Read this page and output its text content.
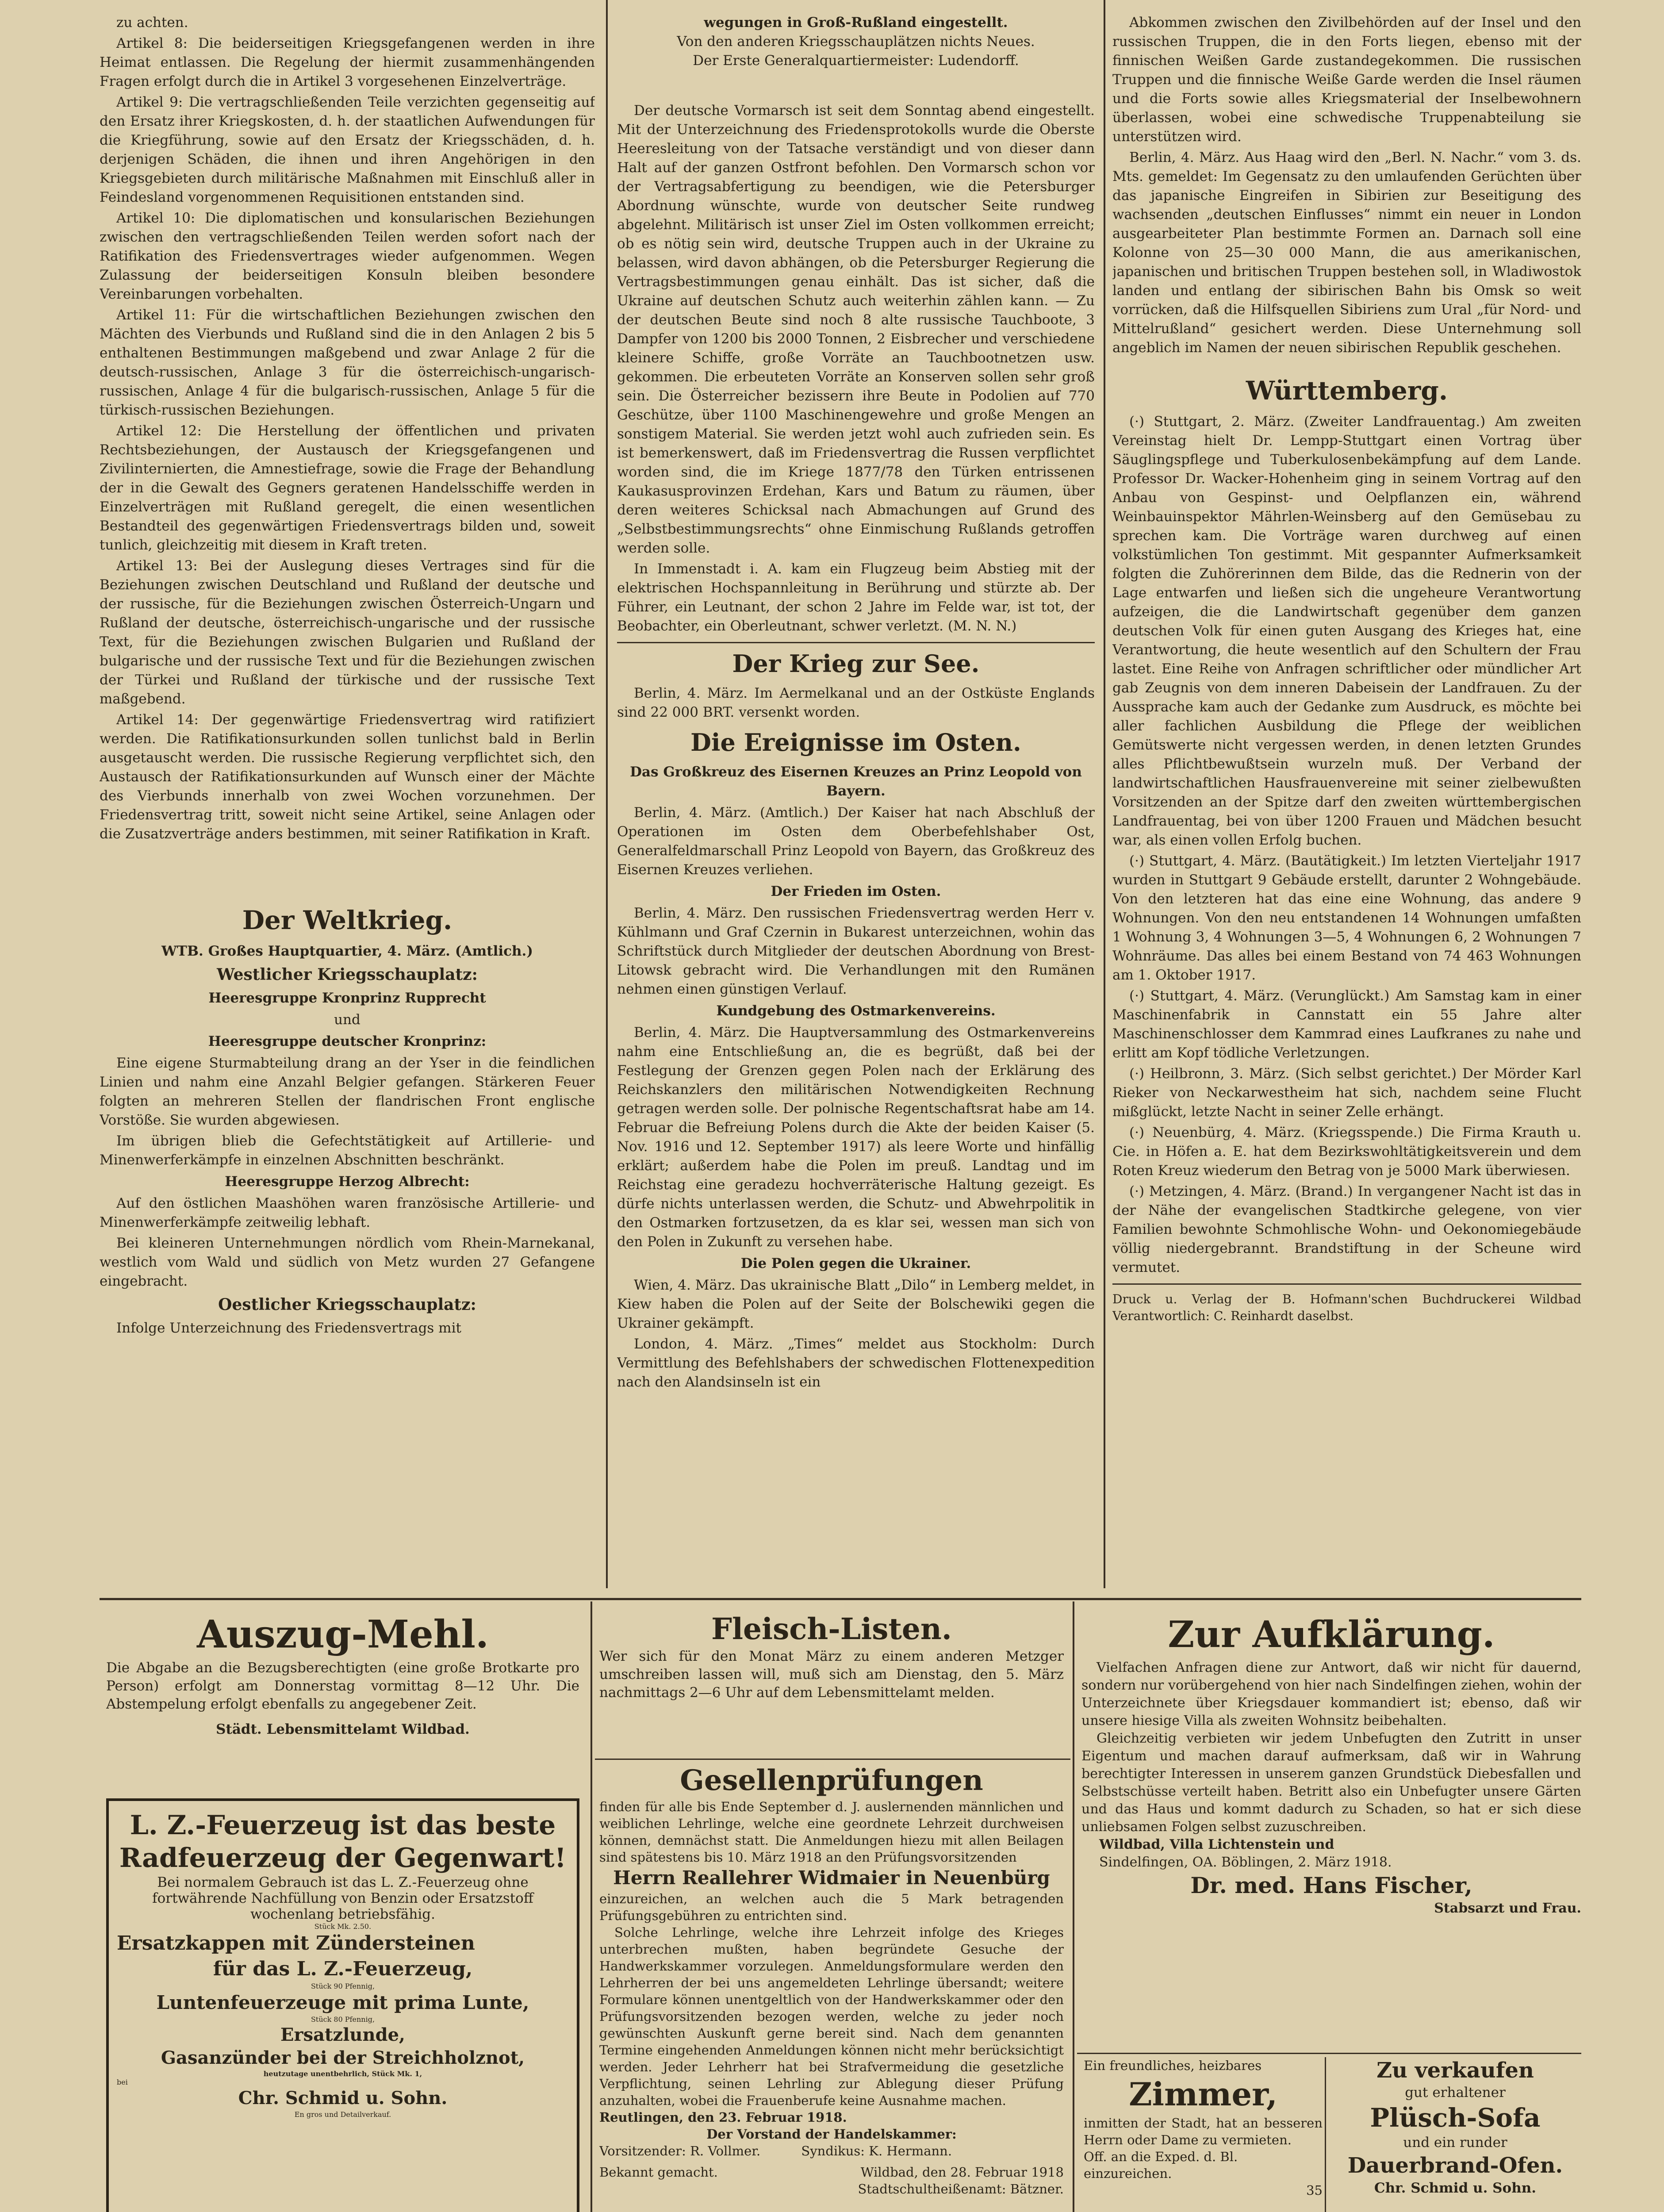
zu achten.

Artikel 8: Die beiderseitigen Kriegsgefangenen werden in ihre Heimat entlassen. Die Regelung der hiermit zusammenhängenden Fragen erfolgt durch die in Artikel 3 vorgesehenen Einzelverträge.

Artikel 9: Die vertragschließenden Teile verzichten gegenseitig auf den Ersatz ihrer Kriegskosten, d. h. der staatlichen Aufwendungen für die Kriegführung, sowie auf den Ersatz der Kriegsschäden, d. h. derjenigen Schäden, die ihnen und ihren Angehörigen in den Kriegsgebieten durch militärische Maßnahmen mit Einschluß aller in Feindesland vorgenommenen Requisitionen entstanden sind.

Artikel 10: Die diplomatischen und konsularischen Beziehungen zwischen den vertragschließenden Teilen werden sofort nach der Ratifikation des Friedensvertrages wieder aufgenommen. Wegen Zulassung der beiderseitigen Konsuln bleiben besondere Vereinbarungen vorbehalten.

Artikel 11: Für die wirtschaftlichen Beziehungen zwischen den Mächten des Vierbunds und Rußland sind die in den Anlagen 2 bis 5 enthaltenen Bestimmungen maßgebend und zwar Anlage 2 für die deutsch-russischen, Anlage 3 für die österreichisch-ungarisch-russischen, Anlage 4 für die bulgarisch-russischen, Anlage 5 für die türkisch-russischen Beziehungen.

Artikel 12: Die Herstellung der öffentlichen und privaten Rechtsbeziehungen, der Austausch der Kriegsgefangenen und Zivilinternierten, die Amnestiefrage, sowie die Frage der Behandlung der in die Gewalt des Gegners geratenen Handelsschiffe werden in Einzelverträgen mit Rußland geregelt, die einen wesentlichen Bestandteil des gegenwärtigen Friedensvertrags bilden und, soweit tunlich, gleichzeitig mit diesem in Kraft treten.

Artikel 13: Bei der Auslegung dieses Vertrages sind für die Beziehungen zwischen Deutschland und Rußland der deutsche und der russische, für die Beziehungen zwischen Österreich-Ungarn und Rußland der deutsche, österreichisch-ungarische und der russische Text, für die Beziehungen zwischen Bulgarien und Rußland der bulgarische und der russische Text und für die Beziehungen zwischen der Türkei und Rußland der türkische und der russische Text maßgebend.

Artikel 14: Der gegenwärtige Friedensvertrag wird ratifiziert werden. Die Ratifikationsurkunden sollen tunlichst bald in Berlin ausgetauscht werden. Die russische Regierung verpflichtet sich, den Austausch der Ratifikationsurkunden auf Wunsch einer der Mächte des Vierbunds innerhalb von zwei Wochen vorzunehmen. Der Friedensvertrag tritt, soweit nicht seine Artikel, seine Anlagen oder die Zusatzverträge anders bestimmen, mit seiner Ratifikation in Kraft.

Der Weltkrieg.
WTB. Großes Hauptquartier, 4. März. (Amtlich.)
Westlicher Kriegsschauplatz:
Heeresgruppe Kronprinz Rupprecht
und
Heeresgruppe deutscher Kronprinz:

Eine eigene Sturmabteilung drang an der Yser in die feindlichen Linien und nahm eine Anzahl Belgier gefangen. Stärkeren Feuer folgten an mehreren Stellen der flandrischen Front englische Vorstöße. Sie wurden abgewiesen.

Im übrigen blieb die Gefechtstätigkeit auf Artillerie- und Minenwerferkämpfe in einzelnen Abschnitten beschränkt.

Heeresgruppe Herzog Albrecht:

Auf den östlichen Maashöhen waren französische Artillerie- und Minenwerferkämpfe zeitweilig lebhaft.

Bei kleineren Unternehmungen nördlich vom Rhein-Marnekanal, westlich vom Wald und südlich von Metz wurden 27 Gefangene eingebracht.

Oestlicher Kriegsschauplatz:

Infolge Unterzeichnung des Friedensvertrags mit

wegungen in Groß-Rußland eingestellt.
Von den anderen Kriegsschauplätzen nichts Neues.
Der Erste Generalquartiermeister: Ludendorff.

Der deutsche Vormarsch ist seit dem Sonntag abend eingestellt. Mit der Unterzeichnung des Friedensprotokolls wurde die Oberste Heeresleitung von der Tatsache verständigt und von dieser dann Halt auf der ganzen Ostfront befohlen. Den Vormarsch schon vor der Vertragsabfertigung zu beendigen, wie die Petersburger Abordnung wünschte, wurde von deutscher Seite rundweg abgelehnt. Militärisch ist unser Ziel im Osten vollkommen erreicht; ob es nötig sein wird, deutsche Truppen auch in der Ukraine zu belassen, wird davon abhängen, ob die Petersburger Regierung die Vertragsbestimmungen genau einhält. Das ist sicher, daß die Ukraine auf deutschen Schutz auch weiterhin zählen kann. — Zu der deutschen Beute sind noch 8 alte russische Tauchboote, 3 Dampfer von 1200 bis 2000 Tonnen, 2 Eisbrecher und verschiedene kleinere Schiffe, große Vorräte an Tauchbootnetzen usw. gekommen. Die erbeuteten Vorräte an Konserven sollen sehr groß sein. Die Österreicher bezissern ihre Beute in Podolien auf 770 Geschütze, über 1100 Maschinengewehre und große Mengen an sonstigem Material. Sie werden jetzt wohl auch zufrieden sein. Es ist bemerkenswert, daß im Friedensvertrag die Russen verpflichtet worden sind, die im Kriege 1877/78 den Türken entrissenen Kaukasusprovinzen Erdehan, Kars und Batum zu räumen, über deren weiteres Schicksal nach Abmachungen auf Grund des „Selbstbestimmungsrechts“ ohne Einmischung Rußlands getroffen werden solle.

In Immenstadt i. A. kam ein Flugzeug beim Abstieg mit der elektrischen Hochspannleitung in Berührung und stürzte ab. Der Führer, ein Leutnant, der schon 2 Jahre im Felde war, ist tot, der Beobachter, ein Oberleutnant, schwer verletzt. (M. N. N.)

Der Krieg zur See.

Berlin, 4. März. Im Aermelkanal und an der Ostküste Englands sind 22 000 BRT. versenkt worden.

Die Ereignisse im Osten.
Das Großkreuz des Eisernen Kreuzes an Prinz Leopold von Bayern.

Berlin, 4. März. (Amtlich.) Der Kaiser hat nach Abschluß der Operationen im Osten dem Oberbefehlshaber Ost, Generalfeldmarschall Prinz Leopold von Bayern, das Großkreuz des Eisernen Kreuzes verliehen.

Der Frieden im Osten.

Berlin, 4. März. Den russischen Friedensvertrag werden Herr v. Kühlmann und Graf Czernin in Bukarest unterzeichnen, wohin das Schriftstück durch Mitglieder der deutschen Abordnung von Brest-Litowsk gebracht wird. Die Verhandlungen mit den Rumänen nehmen einen günstigen Verlauf.

Kundgebung des Ostmarkenvereins.

Berlin, 4. März. Die Hauptversammlung des Ostmarkenvereins nahm eine Entschließung an, die es begrüßt, daß bei der Festlegung der Grenzen gegen Polen nach der Erklärung des Reichskanzlers den militärischen Notwendigkeiten Rechnung getragen werden solle. Der polnische Regentschaftsrat habe am 14. Februar die Befreiung Polens durch die Akte der beiden Kaiser (5. Nov. 1916 und 12. September 1917) als leere Worte und hinfällig erklärt; außerdem habe die Polen im preuß. Landtag und im Reichstag eine geradezu hochverräterische Haltung gezeigt. Es dürfe nichts unterlassen werden, die Schutz- und Abwehrpolitik in den Ostmarken fortzusetzen, da es klar sei, wessen man sich von den Polen in Zukunft zu versehen habe.

Die Polen gegen die Ukrainer.

Wien, 4. März. Das ukrainische Blatt „Dilo“ in Lemberg meldet, in Kiew haben die Polen auf der Seite der Bolschewiki gegen die Ukrainer gekämpft.

London, 4. März. „Times“ meldet aus Stockholm: Durch Vermittlung des Befehlshabers der schwedischen Flottenexpedition nach den Alandsinseln ist ein

Abkommen zwischen den Zivilbehörden auf der Insel und den russischen Truppen, die in den Forts liegen, ebenso mit der finnischen Weißen Garde zustandegekommen. Die russischen Truppen und die finnische Weiße Garde werden die Insel räumen und die Forts sowie alles Kriegsmaterial der Inselbewohnern überlassen, wobei eine schwedische Truppenabteilung sie unterstützen wird.

Berlin, 4. März. Aus Haag wird den „Berl. N. Nachr.“ vom 3. ds. Mts. gemeldet: Im Gegensatz zu den umlaufenden Gerüchten über das japanische Eingreifen in Sibirien zur Beseitigung des wachsenden „deutschen Einflusses“ nimmt ein neuer in London ausgearbeiteter Plan bestimmte Formen an. Darnach soll eine Kolonne von 25—30 000 Mann, die aus amerikanischen, japanischen und britischen Truppen bestehen soll, in Wladiwostok landen und entlang der sibirischen Bahn bis Omsk so weit vorrücken, daß die Hilfsquellen Sibiriens zum Ural „für Nord- und Mittelrußland“ gesichert werden. Diese Unternehmung soll angeblich im Namen der neuen sibirischen Republik geschehen.

Württemberg.

(·) Stuttgart, 2. März. (Zweiter Landfrauentag.) Am zweiten Vereinstag hielt Dr. Lempp-Stuttgart einen Vortrag über Säuglingspflege und Tuberkulosenbekämpfung auf dem Lande. Professor Dr. Wacker-Hohenheim ging in seinem Vortrag auf den Anbau von Gespinst- und Oelpflanzen ein, während Weinbauinspektor Mährlen-Weinsberg auf den Gemüsebau zu sprechen kam. Die Vorträge waren durchweg auf einen volkstümlichen Ton gestimmt. Mit gespannter Aufmerksamkeit folgten die Zuhörerinnen dem Bilde, das die Rednerin von der Lage entwarfen und ließen sich die ungeheure Verantwortung aufzeigen, die die Landwirtschaft gegenüber dem ganzen deutschen Volk für einen guten Ausgang des Krieges hat, eine Verantwortung, die heute wesentlich auf den Schultern der Frau lastet. Eine Reihe von Anfragen schriftlicher oder mündlicher Art gab Zeugnis von dem inneren Dabeisein der Landfrauen. Zu der Aussprache kam auch der Gedanke zum Ausdruck, es möchte bei aller fachlichen Ausbildung die Pflege der weiblichen Gemütswerte nicht vergessen werden, in denen letzten Grundes alles Pflichtbewußtsein wurzeln muß. Der Verband der landwirtschaftlichen Hausfrauenvereine mit seiner zielbewußten Vorsitzenden an der Spitze darf den zweiten württembergischen Landfrauentag, bei von über 1200 Frauen und Mädchen besucht war, als einen vollen Erfolg buchen.

(·) Stuttgart, 4. März. (Bautätigkeit.) Im letzten Vierteljahr 1917 wurden in Stuttgart 9 Gebäude erstellt, darunter 2 Wohngebäude. Von den letzteren hat das eine eine Wohnung, das andere 9 Wohnungen. Von den neu entstandenen 14 Wohnungen umfaßten 1 Wohnung 3, 4 Wohnungen 3—5, 4 Wohnungen 6, 2 Wohnungen 7 Wohnräume. Das alles bei einem Bestand von 74 463 Wohnungen am 1. Oktober 1917.

(·) Stuttgart, 4. März. (Verunglückt.) Am Samstag kam in einer Maschinenfabrik in Cannstatt ein 55 Jahre alter Maschinenschlosser dem Kammrad eines Laufkranes zu nahe und erlitt am Kopf tödliche Verletzungen.

(·) Heilbronn, 3. März. (Sich selbst gerichtet.) Der Mörder Karl Rieker von Neckarwestheim hat sich, nachdem seine Flucht mißglückt, letzte Nacht in seiner Zelle erhängt.

(·) Neuenbürg, 4. März. (Kriegsspende.) Die Firma Krauth u. Cie. in Höfen a. E. hat dem Bezirkswohltätigkeitsverein und dem Roten Kreuz wiederum den Betrag von je 5000 Mark überwiesen.

(·) Metzingen, 4. März. (Brand.) In vergangener Nacht ist das in der Nähe der evangelischen Stadtkirche gelegene, von vier Familien bewohnte Schmohlische Wohn- und Oekonomiegebäude völlig niedergebrannt. Brandstiftung in der Scheune wird vermutet.

Druck u. Verlag der B. Hofmann'schen Buchdruckerei Wildbad Verantwortlich: C. Reinhardt daselbst.
Auszug-Mehl.
Die Abgabe an die Bezugsberechtigten (eine große Brotkarte pro Person) erfolgt am Donnerstag vormittag 8—12 Uhr. Die Abstempelung erfolgt ebenfalls zu angegebener Zeit.
Städt. Lebensmittelamt Wildbad.
L. Z.-Feuerzeug ist das beste
Radfeuerzeug der Gegenwart!
Bei normalem Gebrauch ist das L. Z.-Feuerzeug ohne fortwährende Nachfüllung von Benzin oder Ersatzstoff wochenlang betriebsfähig.
Stück Mk. 2.50.
Ersatzkappen mit Zündersteinen
für das L. Z.-Feuerzeug,
Stück 90 Pfennig,
Luntenfeuerzeuge mit prima Lunte,
Stück 80 Pfennig,
Ersatzlunde,
Gasanzünder bei der Streichholznot,
heutzutage unentbehrlich, Stück Mk. 1,
bei
Chr. Schmid u. Sohn.
En gros und Detailverkauf.
Fleisch-Listen.
Wer sich für den Monat März zu einem anderen Metzger umschreiben lassen will, muß sich am Dienstag, den 5. März nachmittags 2—6 Uhr auf dem Lebensmittelamt melden.
Gesellenprüfungen
finden für alle bis Ende September d. J. auslernenden männlichen und weiblichen Lehrlinge, welche eine geordnete Lehrzeit durchweisen können, demnächst statt. Die Anmeldungen hiezu mit allen Beilagen sind spätestens bis 10. März 1918 an den Prüfungsvorsitzenden
Herrn Reallehrer Widmaier in Neuenbürg
einzureichen, an welchen auch die 5 Mark betragenden Prüfungsgebühren zu entrichten sind.
Solche Lehrlinge, welche ihre Lehrzeit infolge des Krieges unterbrechen mußten, haben begründete Gesuche der Handwerkskammer vorzulegen. Anmeldungsformulare werden den Lehrherren der bei uns angemeldeten Lehrlinge übersandt; weitere Formulare können unentgeltlich von der Handwerkskammer oder den Prüfungsvorsitzenden bezogen werden, welche zu jeder noch gewünschten Auskunft gerne bereit sind. Nach dem genannten Termine eingehenden Anmeldungen können nicht mehr berücksichtigt werden. Jeder Lehrherr hat bei Strafvermeidung die gesetzliche Verpflichtung, seinen Lehrling zur Ablegung dieser Prüfung anzuhalten, wobei die Frauenberufe keine Ausnahme machen.
Reutlingen, den 23. Februar 1918.
Der Vorstand der Handelskammer:
Vorsitzender: R. Vollmer.          Syndikus: K. Hermann.
Bekannt gemacht.	Wildbad, den 28. Februar 1918
Stadtschultheißenamt: Bätzner.
Zur Aufklärung.
Vielfachen Anfragen diene zur Antwort, daß wir nicht für dauernd, sondern nur vorübergehend von hier nach Sindelfingen ziehen, wohin der Unterzeichnete über Kriegsdauer kommandiert ist; ebenso, daß wir unsere hiesige Villa als zweiten Wohnsitz beibehalten.
Gleichzeitig verbieten wir jedem Unbefugten den Zutritt in unser Eigentum und machen darauf aufmerksam, daß wir in Wahrung berechtigter Interessen in unserem ganzen Grundstück Diebesfallen und Selbstschüsse verteilt haben. Betritt also ein Unbefugter unsere Gärten und das Haus und kommt dadurch zu Schaden, so hat er sich diese unliebsamen Folgen selbst zuzuschreiben.
Wildbad, Villa Lichtenstein und
Sindelfingen, OA. Böblingen, 2. März 1918.
Dr. med. Hans Fischer,
Stabsarzt und Frau.
Ein freundliches, heizbares
Zimmer,
inmitten der Stadt, hat an besseren Herrn oder Dame zu vermieten.
Off. an die Exped. d. Bl. einzureichen.
35
Zu verkaufen
gut erhaltener
Plüsch-Sofa
und ein runder
Dauerbrand-Ofen.
Chr. Schmid u. Sohn.
